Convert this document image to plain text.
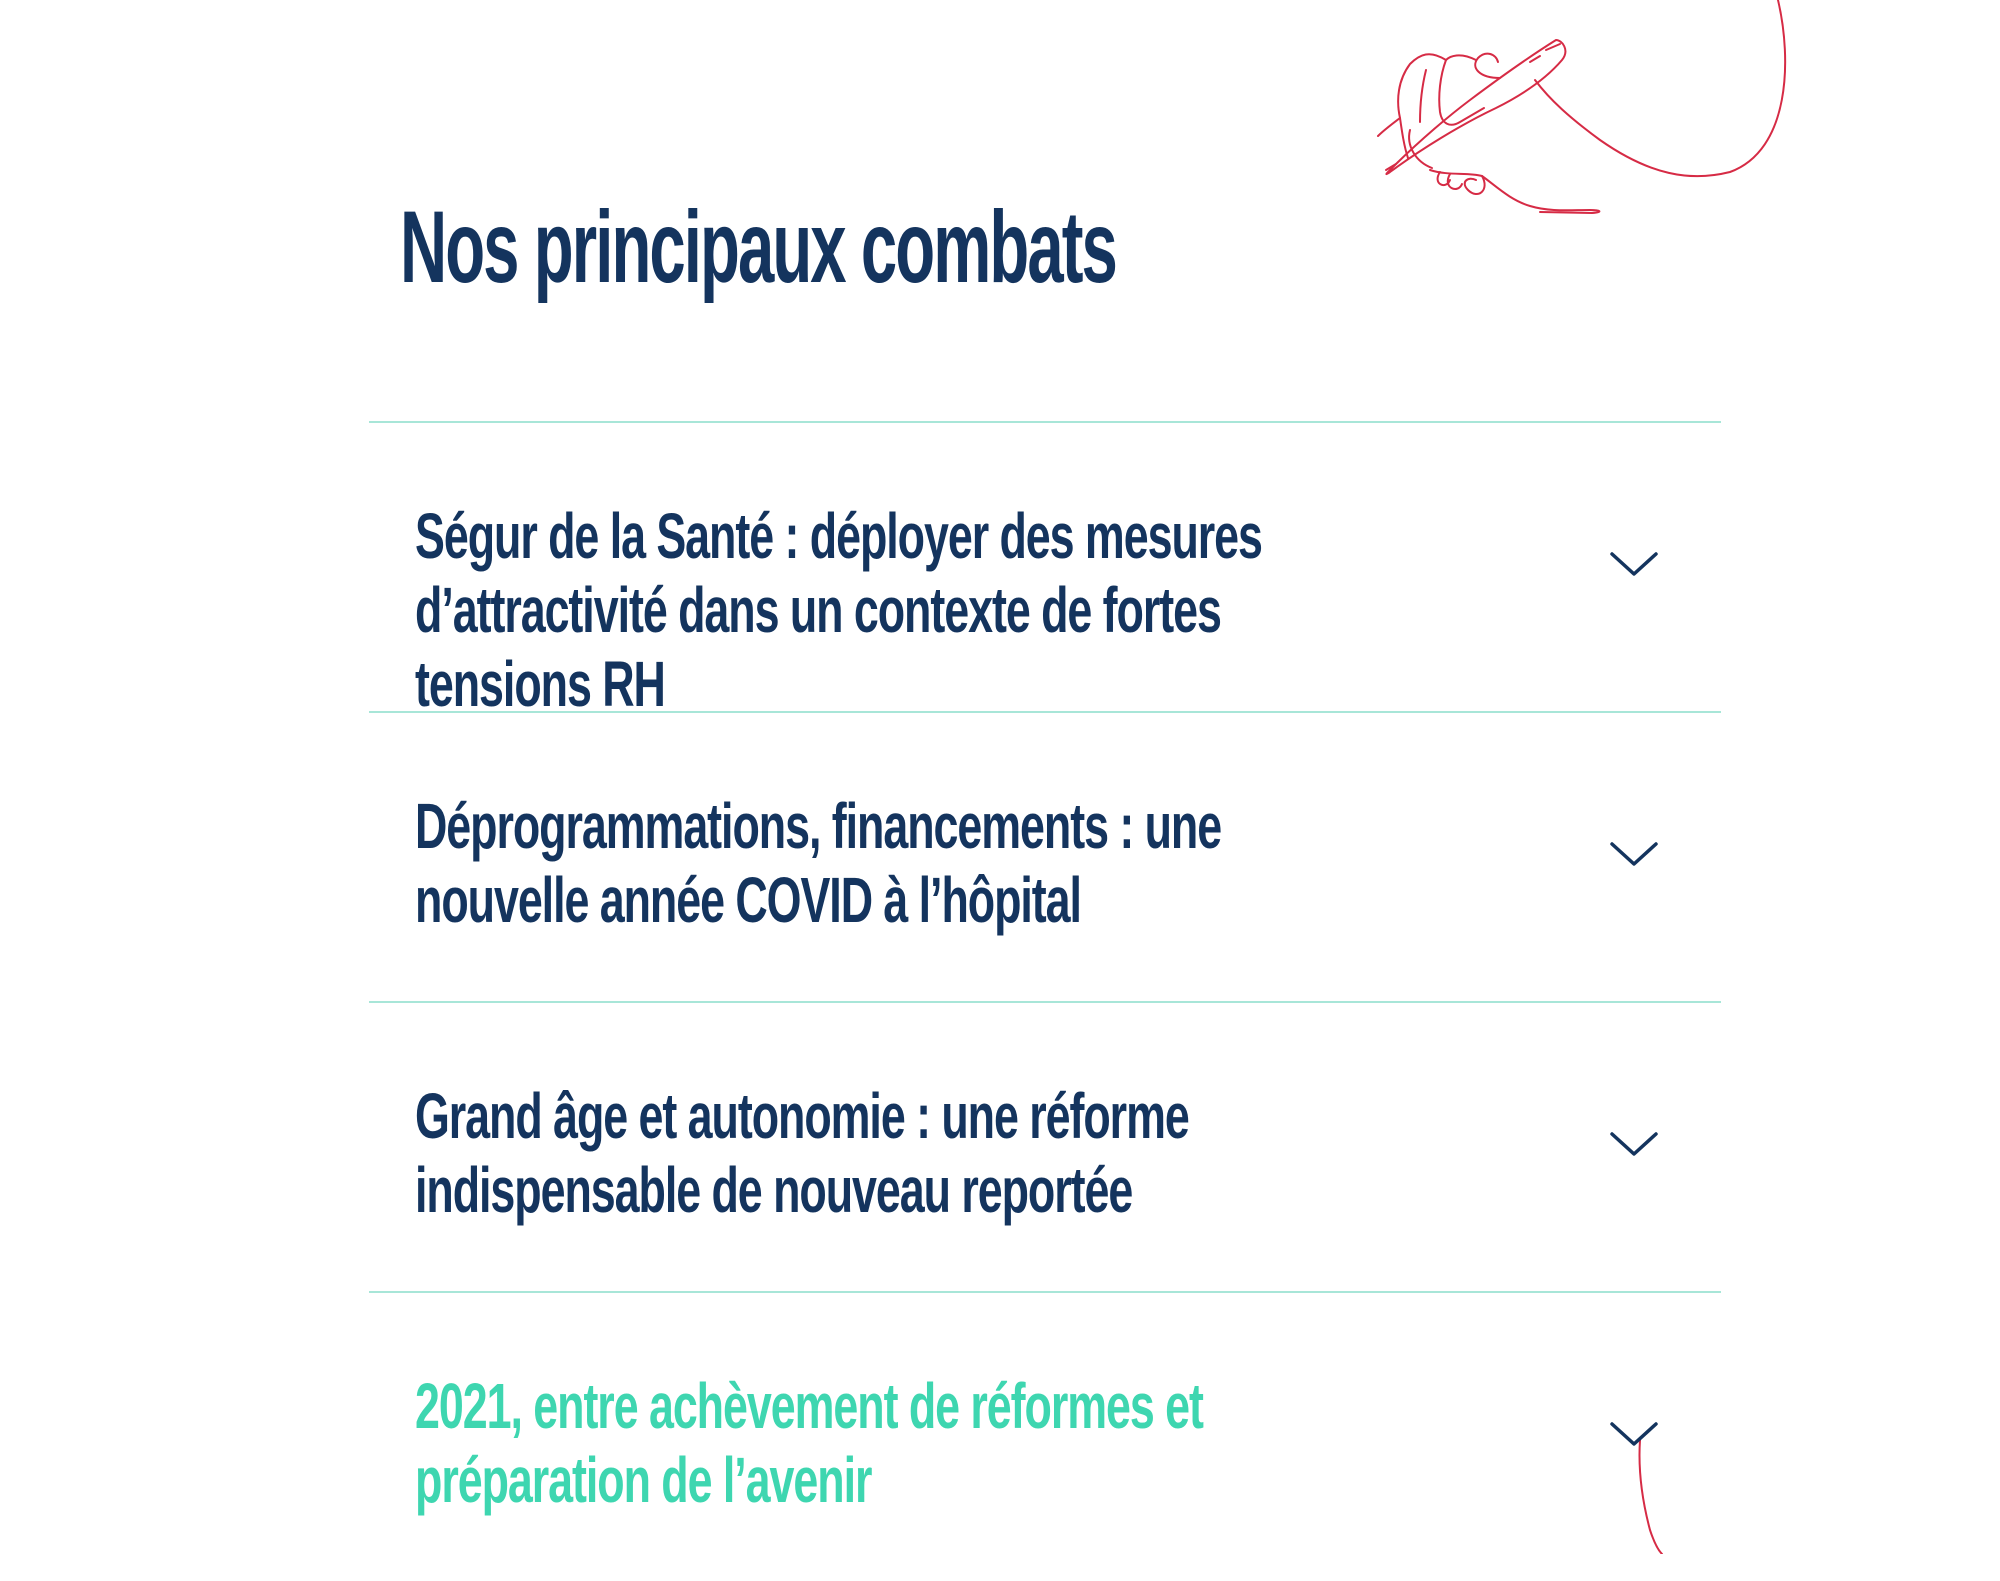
Nos principaux combats
Ségur de la Santé : déployer des mesures d’attractivité dans un contexte de fortes tensions RH
Déprogrammations, financements : une nouvelle année COVID à l’hôpital
Grand âge et autonomie : une réforme indispensable de nouveau reportée
2021, entre achèvement de réformes et préparation de l’avenir
